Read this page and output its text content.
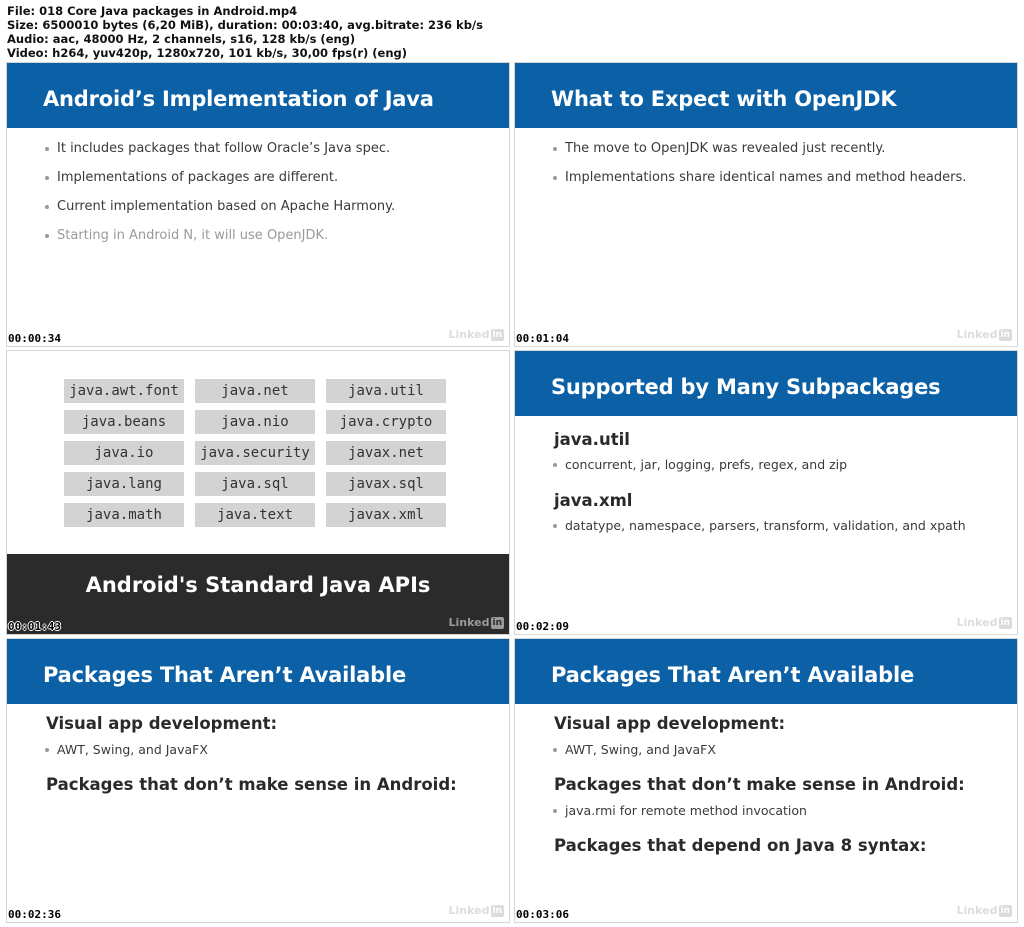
File: 018 Core Java packages in Android.mp4
Size: 6500010 bytes (6,20 MiB), duration: 00:03:40, avg.bitrate: 236 kb/s
Audio: aac, 48000 Hz, 2 channels, s16, 128 kb/s (eng)
Video: h264, yuv420p, 1280x720, 101 kb/s, 30,00 fps(r) (eng)
Android’s Implementation of Java
It includes packages that follow Oracle’s Java spec.
Implementations of packages are different.
Current implementation based on Apache Harmony.
Starting in Android N, it will use OpenJDK.
Linked in
00:00:34
What to Expect with OpenJDK
The move to OpenJDK was revealed just recently.
Implementations share identical names and method headers.
Linked in
00:01:04
java.awt.font	java.net	java.util
java.beans	java.nio	java.crypto
java.io	java.security	javax.net
java.lang	java.sql	javax.sql
java.math	java.text	javax.xml
Android's Standard Java APIs
Linked in
00:01:43
Supported by Many Subpackages
java.util
concurrent, jar, logging, prefs, regex, and zip
java.xml
datatype, namespace, parsers, transform, validation, and xpath
Linked in
00:02:09
Packages That Aren’t Available
Visual app development:
AWT, Swing, and JavaFX
Packages that don’t make sense in Android:
Linked in
00:02:36
Packages That Aren’t Available
Visual app development:
AWT, Swing, and JavaFX
Packages that don’t make sense in Android:
java.rmi for remote method invocation
Packages that depend on Java 8 syntax:
Linked in
00:03:06
